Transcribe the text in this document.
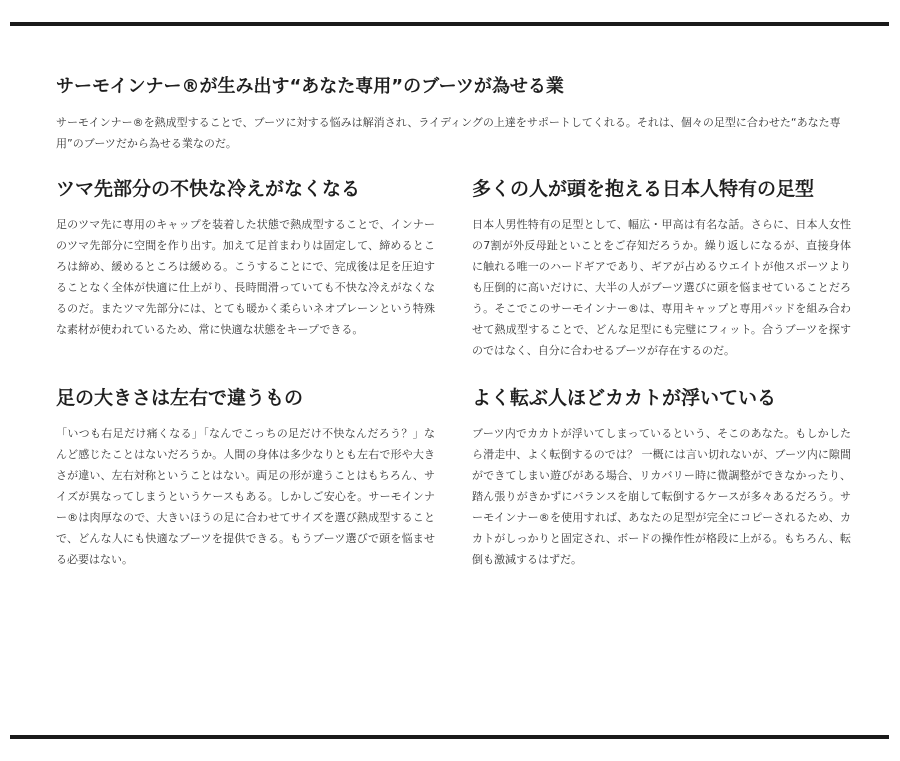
サーモインナー®が生み出す“あなた専用”のブーツが為せる業

サーモインナー®を熱成型することで、ブーツに対する悩みは解消され、ライディングの上達をサポートしてくれる。それは、個々の足型に合わせた“あなた専用”のブーツだから為せる業なのだ。

ツマ先部分の不快な冷えがなくなる

足のツマ先に専用のキャップを装着した状態で熱成型することで、インナーのツマ先部分に空間を作り出す。加えて足首まわりは固定して、締めるところは締め、緩めるところは緩める。こうすることにで、完成後は足を圧迫することなく全体が快適に仕上がり、長時間滑っていても不快な冷えがなくなるのだ。またツマ先部分には、とても暖かく柔らいネオプレーンという特殊な素材が使われているため、常に快適な状態をキープできる。

多くの人が頭を抱える日本人特有の足型

日本人男性特有の足型として、幅広・甲高は有名な話。さらに、日本人女性の7割が外反母趾といことをご存知だろうか。繰り返しになるが、直接身体に触れる唯一のハードギアであり、ギアが占めるウエイトが他スポーツよりも圧倒的に高いだけに、大半の人がブーツ選びに頭を悩ませていることだろう。そこでこのサーモインナー®は、専用キャップと専用パッドを組み合わせて熱成型することで、どんな足型にも完璧にフィット。合うブーツを探すのではなく、自分に合わせるブーツが存在するのだ。

足の大きさは左右で違うもの

「いつも右足だけ痛くなる」「なんでこっちの足だけ不快なんだろう？」なんど感じたことはないだろうか。人間の身体は多少なりとも左右で形や大きさが違い、左右対称ということはない。両足の形が違うことはもちろん、サイズが異なってしまうというケースもある。しかしご安心を。サーモインナー®は肉厚なので、大きいほうの足に合わせてサイズを選び熱成型することで、どんな人にも快適なブーツを提供できる。もうブーツ選びで頭を悩ませる必要はない。

よく転ぶ人ほどカカトが浮いている

ブーツ内でカカトが浮いてしまっているという、そこのあなた。もしかしたら滑走中、よく転倒するのでは？ 一概には言い切れないが、ブーツ内に隙間ができてしまい遊びがある場合、リカバリー時に微調整ができなかったり、踏ん張りがきかずにバランスを崩して転倒するケースが多々あるだろう。サーモインナー®を使用すれば、あなたの足型が完全にコピーされるため、カカトがしっかりと固定され、ボードの操作性が格段に上がる。もちろん、転倒も激減するはずだ。
